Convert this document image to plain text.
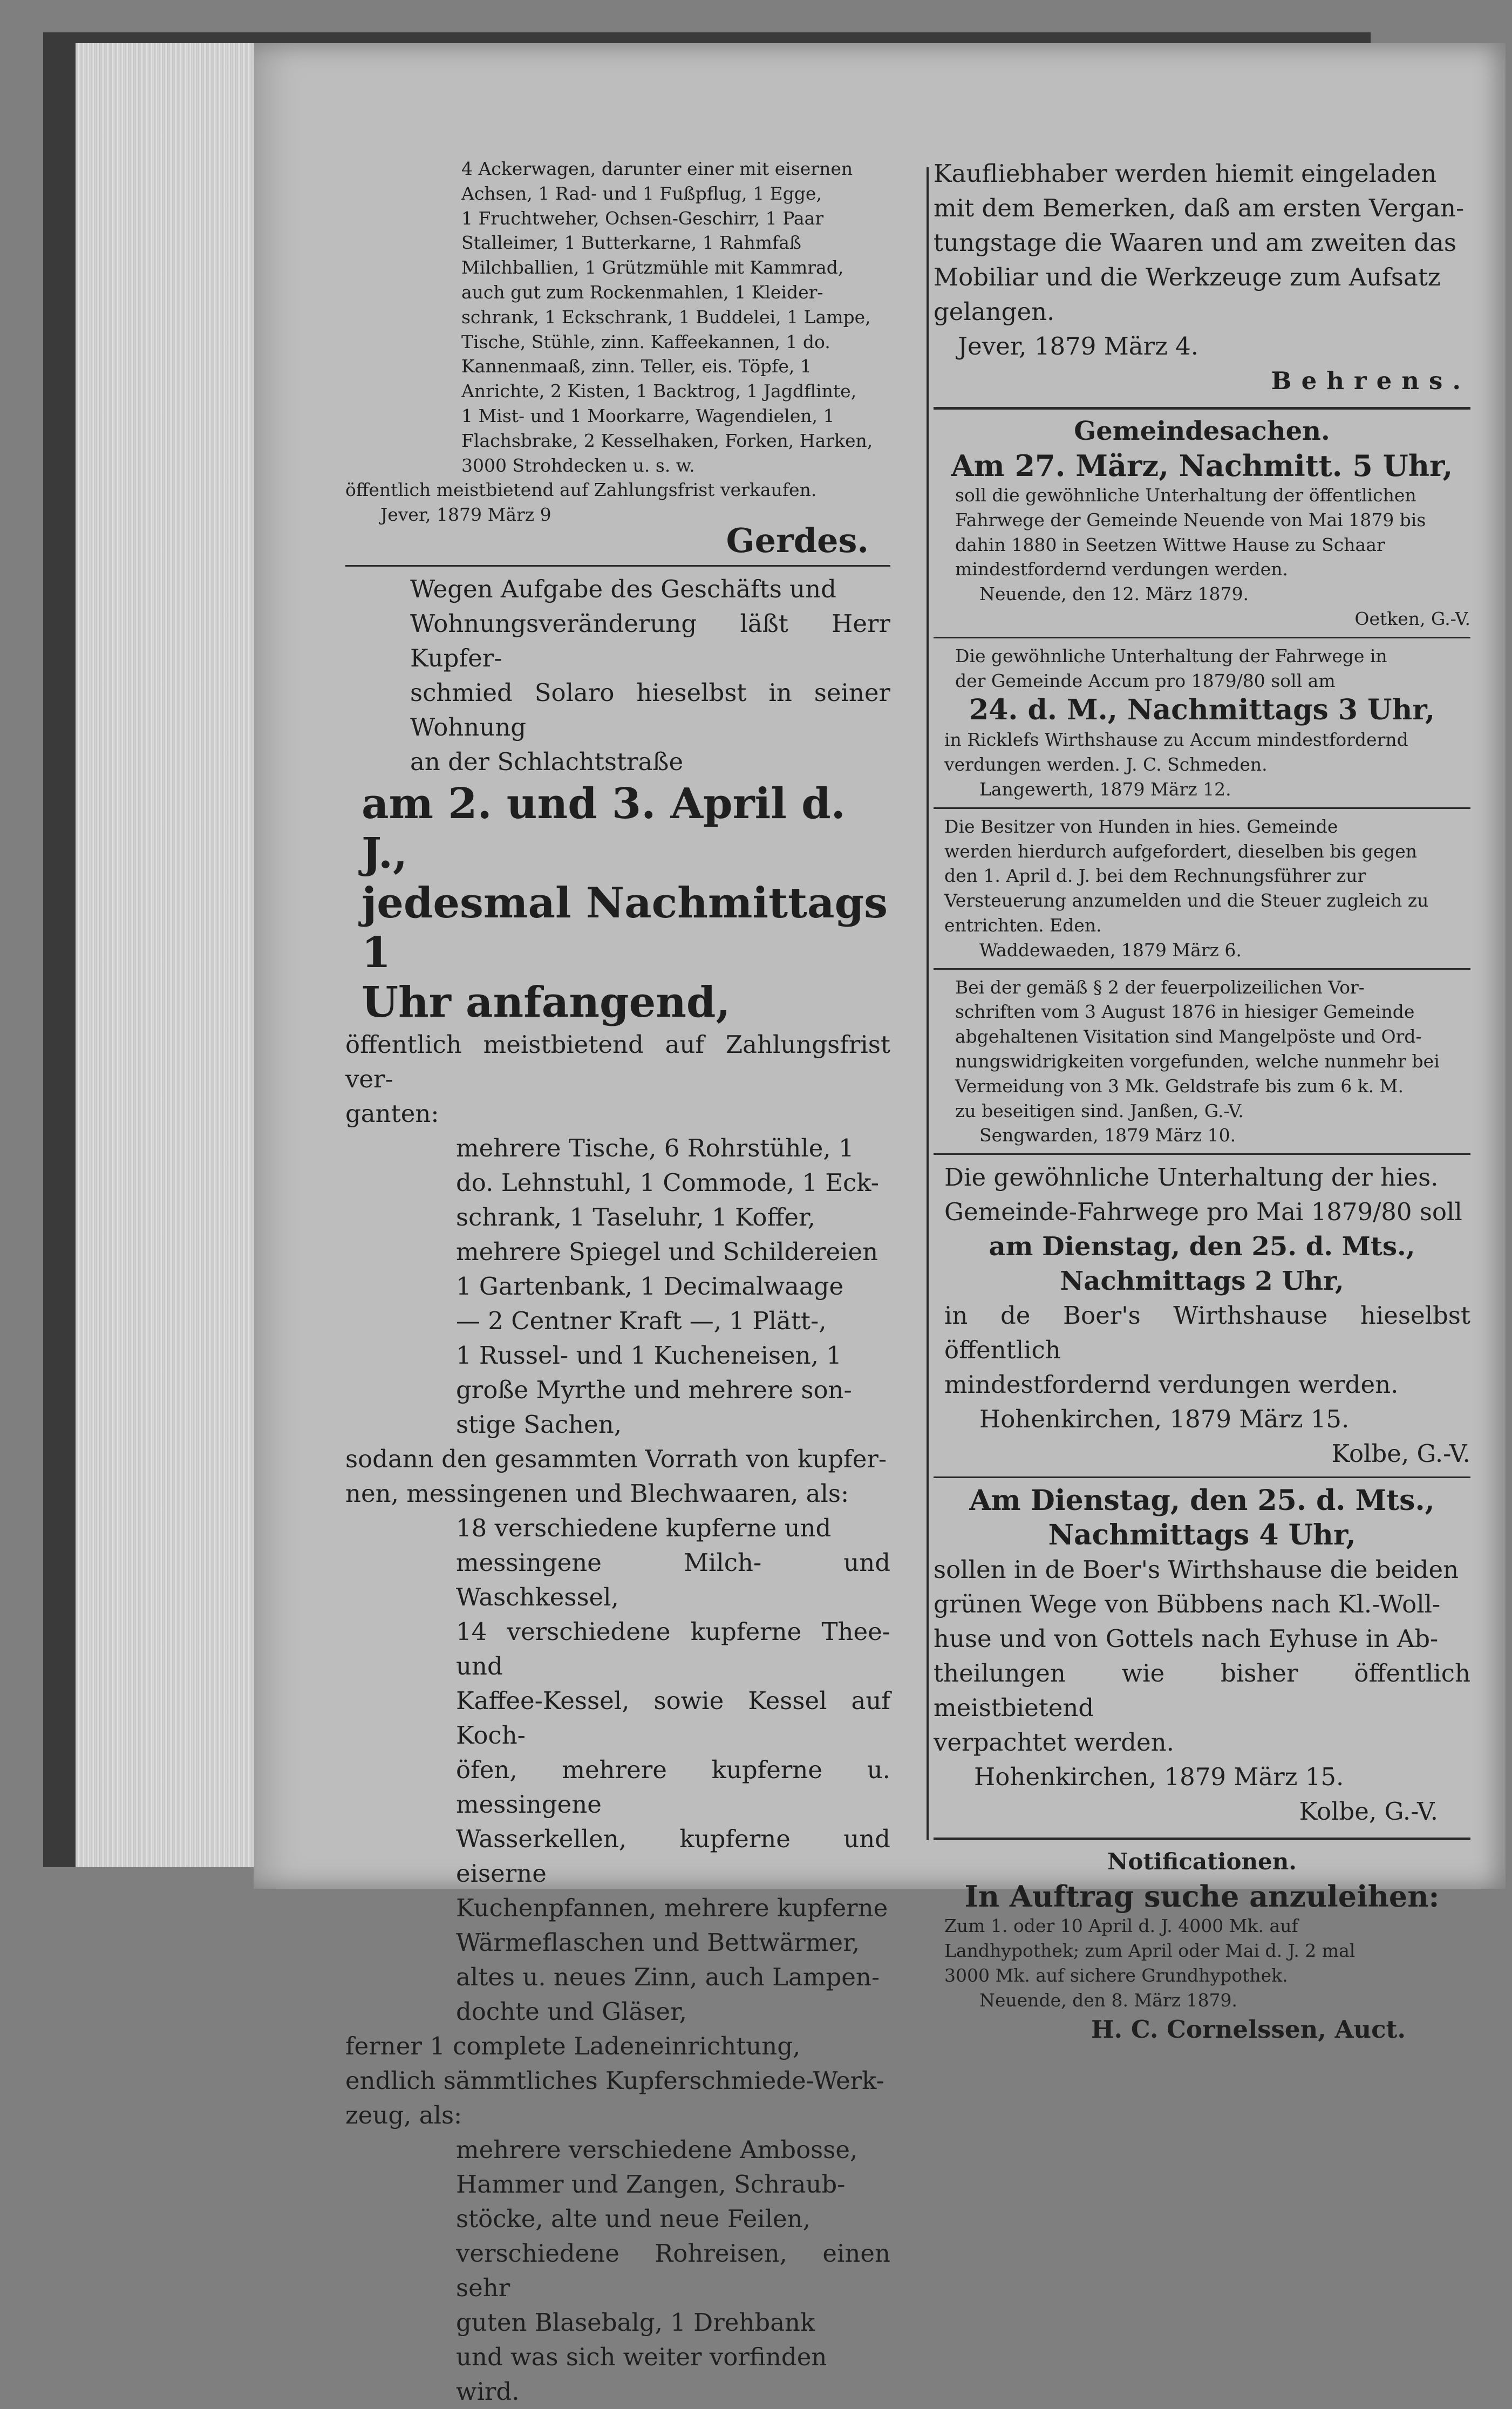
4 Ackerwagen, darunter einer mit eisernen
Achsen, 1 Rad- und 1 Fußpflug, 1 Egge,
1 Fruchtweher, Ochsen-Geschirr, 1 Paar
Stalleimer, 1 Butterkarne, 1 Rahmfaß
Milchballien, 1 Grützmühle mit Kammrad,
auch gut zum Rockenmahlen, 1 Kleider-
schrank, 1 Eckschrank, 1 Buddelei, 1 Lampe,
Tische, Stühle, zinn. Kaffeekannen, 1 do.
Kannenmaaß, zinn. Teller, eis. Töpfe, 1
Anrichte, 2 Kisten, 1 Backtrog, 1 Jagdflinte,
1 Mist- und 1 Moorkarre, Wagendielen, 1
Flachsbrake, 2 Kesselhaken, Forken, Harken,
3000 Strohdecken u. s. w.
öffentlich meistbietend auf Zahlungsfrist verkaufen.
Jever, 1879 März 9
Gerdes.
Wegen Aufgabe des Geschäfts und
Wohnungsveränderung läßt Herr Kupfer-
schmied Solaro hieselbst in seiner Wohnung
an der Schlachtstraße
am 2. und 3. April d. J.,
jedesmal Nachmittags 1
Uhr anfangend,
öffentlich meistbietend auf Zahlungsfrist ver-
ganten:
mehrere Tische, 6 Rohrstühle, 1
do. Lehnstuhl, 1 Commode, 1 Eck-
schrank, 1 Taseluhr, 1 Koffer,
mehrere Spiegel und Schildereien
1 Gartenbank, 1 Decimalwaage
— 2 Centner Kraft —, 1 Plätt-,
1 Russel- und 1 Kucheneisen, 1
große Myrthe und mehrere son-
stige Sachen,
sodann den gesammten Vorrath von kupfer-
nen, messingenen und Blechwaaren, als:
18 verschiedene kupferne und
messingene Milch- und Waschkessel,
14 verschiedene kupferne Thee- und
Kaffee-Kessel, sowie Kessel auf Koch-
öfen, mehrere kupferne u. messingene
Wasserkellen, kupferne und eiserne
Kuchenpfannen, mehrere kupferne
Wärmeflaschen und Bettwärmer,
altes u. neues Zinn, auch Lampen-
dochte und Gläser,
ferner 1 complete Ladeneinrichtung,
endlich sämmtliches Kupferschmiede-Werk-
zeug, als:
mehrere verschiedene Ambosse,
Hammer und Zangen, Schraub-
stöcke, alte und neue Feilen,
verschiedene Rohreisen, einen sehr
guten Blasebalg, 1 Drehbank
und was sich weiter vorfinden
wird.
Kaufliebhaber werden hiemit eingeladen
mit dem Bemerken, daß am ersten Vergan-
tungstage die Waaren und am zweiten das
Mobiliar und die Werkzeuge zum Aufsatz
gelangen.
Jever, 1879 März 4.
Behrens.
Gemeindesachen.
Am 27. März, Nachmitt. 5 Uhr,
soll die gewöhnliche Unterhaltung der öffentlichen
Fahrwege der Gemeinde Neuende von Mai 1879 bis
dahin 1880 in Seetzen Wittwe Hause zu Schaar
mindestfordernd verdungen werden.
Neuende, den 12. März 1879.
Oetken, G.-V.
Die gewöhnliche Unterhaltung der Fahrwege in
der Gemeinde Accum pro 1879/80 soll am
24. d. M., Nachmittags 3 Uhr,
in Ricklefs Wirthshause zu Accum mindestfordernd
verdungen werden. J. C. Schmeden.
Langewerth, 1879 März 12.
Die Besitzer von Hunden in hies. Gemeinde
werden hierdurch aufgefordert, dieselben bis gegen
den 1. April d. J. bei dem Rechnungsführer zur
Versteuerung anzumelden und die Steuer zugleich zu
entrichten. Eden.
Waddewaeden, 1879 März 6.
Bei der gemäß § 2 der feuerpolizeilichen Vor-
schriften vom 3 August 1876 in hiesiger Gemeinde
abgehaltenen Visitation sind Mangelpöste und Ord-
nungswidrigkeiten vorgefunden, welche nunmehr bei
Vermeidung von 3 Mk. Geldstrafe bis zum 6 k. M.
zu beseitigen sind. Janßen, G.-V.
Sengwarden, 1879 März 10.
Die gewöhnliche Unterhaltung der hies.
Gemeinde-Fahrwege pro Mai 1879/80 soll
am Dienstag, den 25. d. Mts.,
Nachmittags 2 Uhr,
in de Boer's Wirthshause hieselbst öffentlich
mindestfordernd verdungen werden.
Hohenkirchen, 1879 März 15.
Kolbe, G.-V.
Am Dienstag, den 25. d. Mts.,
Nachmittags 4 Uhr,
sollen in de Boer's Wirthshause die beiden
grünen Wege von Bübbens nach Kl.-Woll-
huse und von Gottels nach Eyhuse in Ab-
theilungen wie bisher öffentlich meistbietend
verpachtet werden.
Hohenkirchen, 1879 März 15.
Kolbe, G.-V.
Notificationen.
In Auftrag suche anzuleihen:
Zum 1. oder 10 April d. J. 4000 Mk. auf
Landhypothek; zum April oder Mai d. J. 2 mal
3000 Mk. auf sichere Grundhypothek.
Neuende, den 8. März 1879.
H. C. Cornelssen, Auct.
